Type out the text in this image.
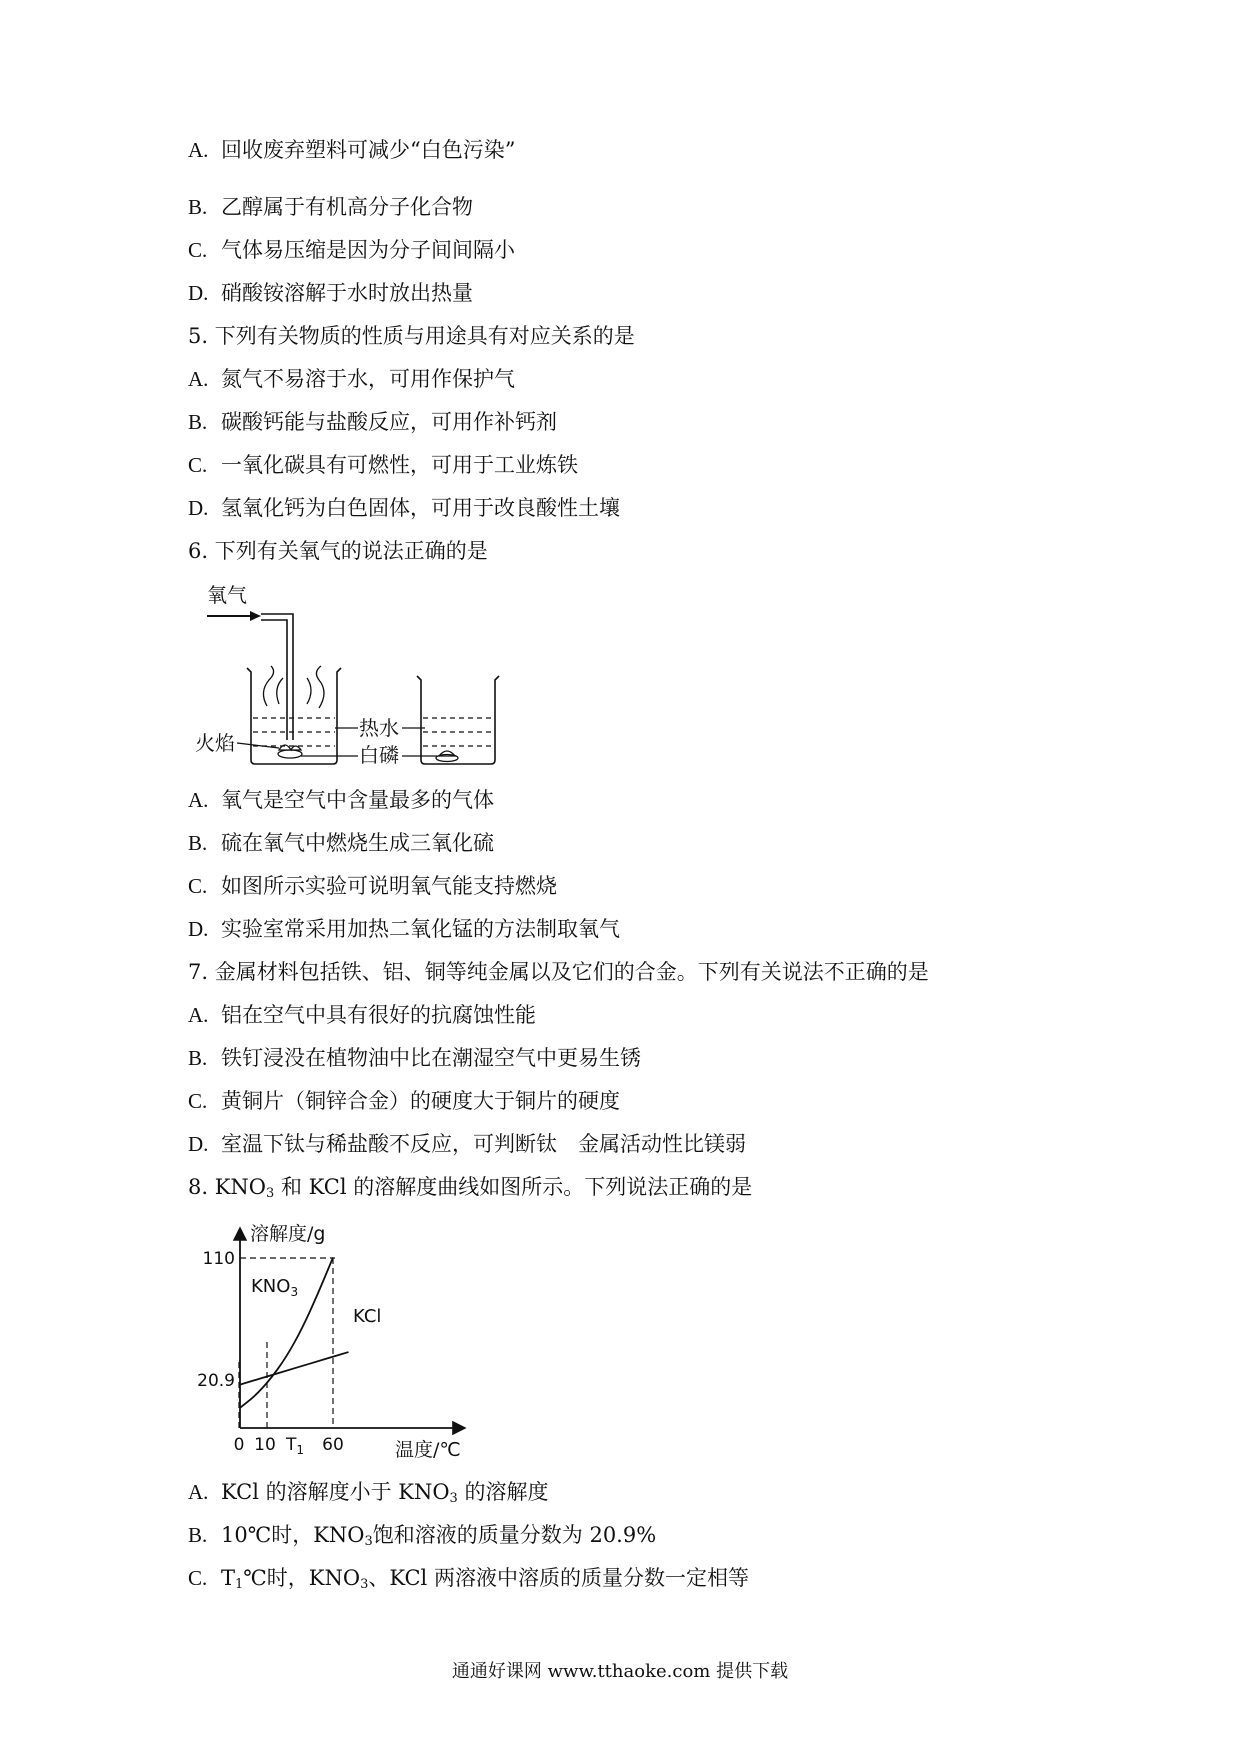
A. 回收废弃塑料可减少“白色污染”
B. 乙醇属于有机高分子化合物
C. 气体易压缩是因为分子间间隔小
D. 硝酸铵溶解于水时放出热量
5. 下列有关物质的性质与用途具有对应关系的是
A. 氮气不易溶于水，可用作保护气
B. 碳酸钙能与盐酸反应，可用作补钙剂
C. 一氧化碳具有可燃性，可用于工业炼铁
D. 氢氧化钙为白色固体，可用于改良酸性土壤
6. 下列有关氧气的说法正确的是
氧气
火焰
热水
白磷
A. 氧气是空气中含量最多的气体
B. 硫在氧气中燃烧生成三氧化硫
C. 如图所示实验可说明氧气能支持燃烧
D. 实验室常采用加热二氧化锰的方法制取氧气
7. 金属材料包括铁、铝、铜等纯金属以及它们的合金。下列有关说法不正确的是
A. 铝在空气中具有很好的抗腐蚀性能
B. 铁钉浸没在植物油中比在潮湿空气中更易生锈
C. 黄铜片（铜锌合金）的硬度大于铜片的硬度
D. 室温下钛与稀盐酸不反应，可判断钛　金属活动性比镁弱
8. $KNO_3$ 和 KCl 的溶解度曲线如图所示。下列说法正确的是
溶解度/g
温度/℃
110
20.9
0 10 $T_1$ 60
$KNO_3$
KCl
A. KCl 的溶解度小于 $KNO_3$ 的溶解度
B. 10℃时，$KNO_3$饱和溶液的质量分数为 20.9%
C. $T_1℃$时，$KNO_3$、KCl 两溶液中溶质的质量分数一定相等
通通好课网 www.tthaoke.com 提供下载
